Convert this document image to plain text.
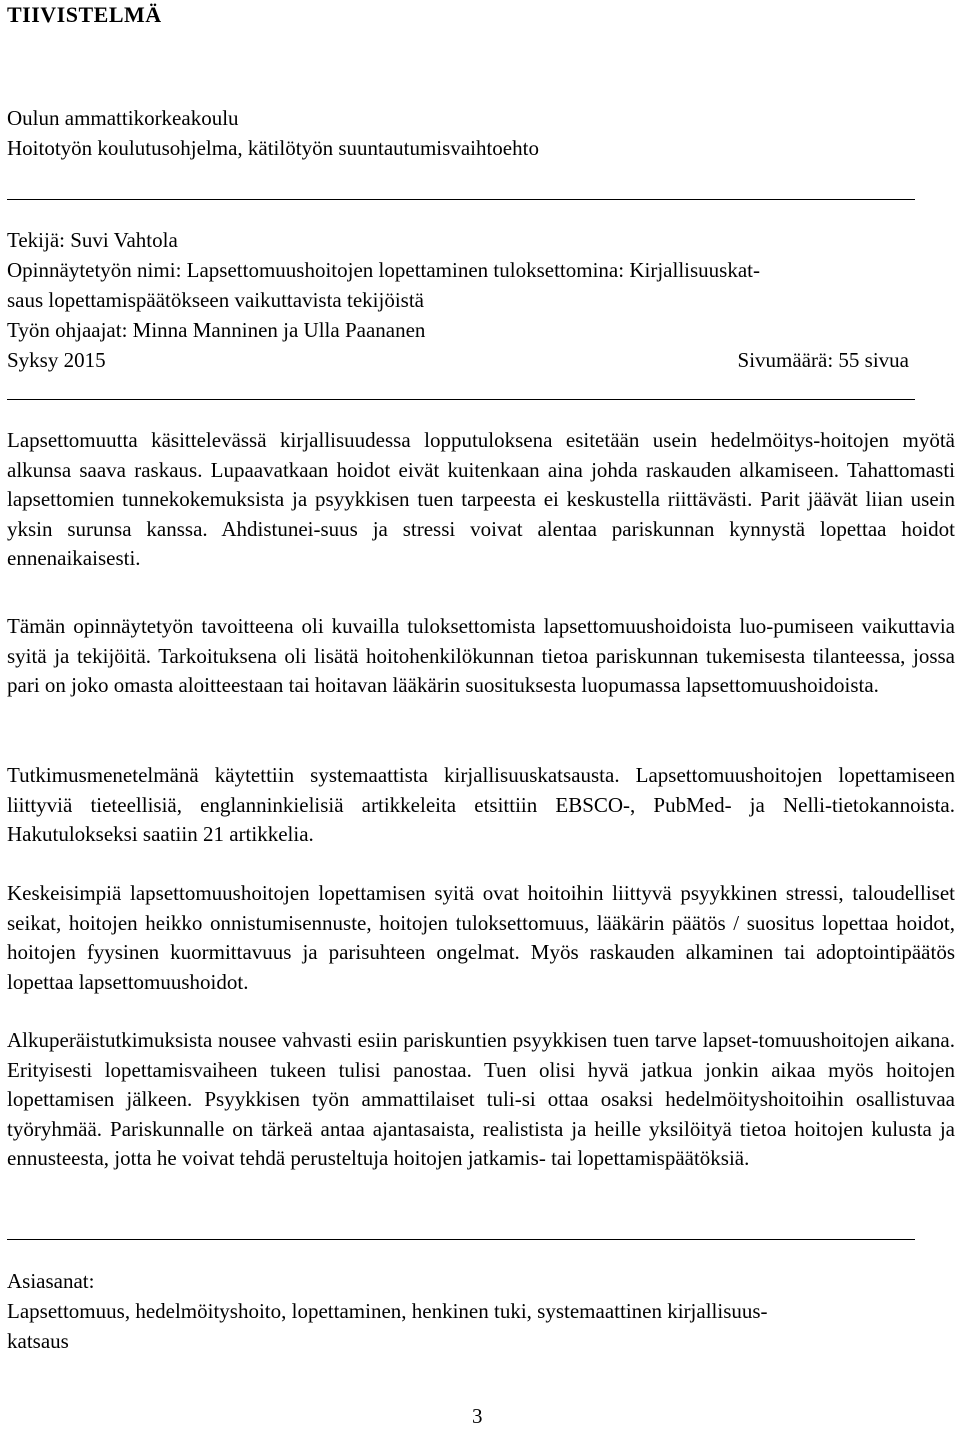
TIIVISTELMÄ
Oulun ammattikorkeakoulu
Hoitotyön koulutusohjelma, kätilötyön suuntautumisvaihtoehto
Tekijä: Suvi Vahtola
Opinnäytetyön nimi: Lapsettomuushoitojen lopettaminen tuloksettomina: Kirjallisuuskat-
saus lopettamispäätökseen vaikuttavista tekijöistä
Työn ohjaajat: Minna Manninen ja Ulla Paananen
Syksy 2015	Sivumäärä: 55 sivua

Lapsettomuutta käsittelevässä kirjallisuudessa lopputuloksena esitetään usein hedelmöitys-hoitojen myötä alkunsa saava raskaus. Lupaavatkaan hoidot eivät kuitenkaan aina johda raskauden alkamiseen. Tahattomasti lapsettomien tunnekokemuksista ja psyykkisen tuen tarpeesta ei keskustella riittävästi. Parit jäävät liian usein yksin surunsa kanssa. Ahdistunei-suus ja stressi voivat alentaa pariskunnan kynnystä lopettaa hoidot ennenaikaisesti.

Tämän opinnäytetyön tavoitteena oli kuvailla tuloksettomista lapsettomuushoidoista luo-pumiseen vaikuttavia syitä ja tekijöitä. Tarkoituksena oli lisätä hoitohenkilökunnan tietoa pariskunnan tukemisesta tilanteessa, jossa pari on joko omasta aloitteestaan tai hoitavan lääkärin suosituksesta luopumassa lapsettomuushoidoista.

Tutkimusmenetelmänä käytettiin systemaattista kirjallisuuskatsausta. Lapsettomuushoitojen lopettamiseen liittyviä tieteellisiä, englanninkielisiä artikkeleita etsittiin EBSCO-, PubMed- ja Nelli-tietokannoista. Hakutulokseksi saatiin 21 artikkelia.

Keskeisimpiä lapsettomuushoitojen lopettamisen syitä ovat hoitoihin liittyvä psyykkinen stressi, taloudelliset seikat, hoitojen heikko onnistumisennuste, hoitojen tuloksettomuus, lääkärin päätös / suositus lopettaa hoidot, hoitojen fyysinen kuormittavuus ja parisuhteen ongelmat. Myös raskauden alkaminen tai adoptointipäätös lopettaa lapsettomuushoidot.

Alkuperäistutkimuksista nousee vahvasti esiin pariskuntien psyykkisen tuen tarve lapset-tomuushoitojen aikana. Erityisesti lopettamisvaiheen tukeen tulisi panostaa. Tuen olisi hyvä jatkua jonkin aikaa myös hoitojen lopettamisen jälkeen. Psyykkisen työn ammattilaiset tuli-si ottaa osaksi hedelmöityshoitoihin osallistuvaa työryhmää. Pariskunnalle on tärkeä antaa ajantasaista, realistista ja heille yksilöityä tietoa hoitojen kulusta ja ennusteesta, jotta he voivat tehdä perusteltuja hoitojen jatkamis- tai lopettamispäätöksiä.

Asiasanat:
Lapsettomuus, hedelmöityshoito, lopettaminen, henkinen tuki, systemaattinen kirjallisuus-
katsaus

3
